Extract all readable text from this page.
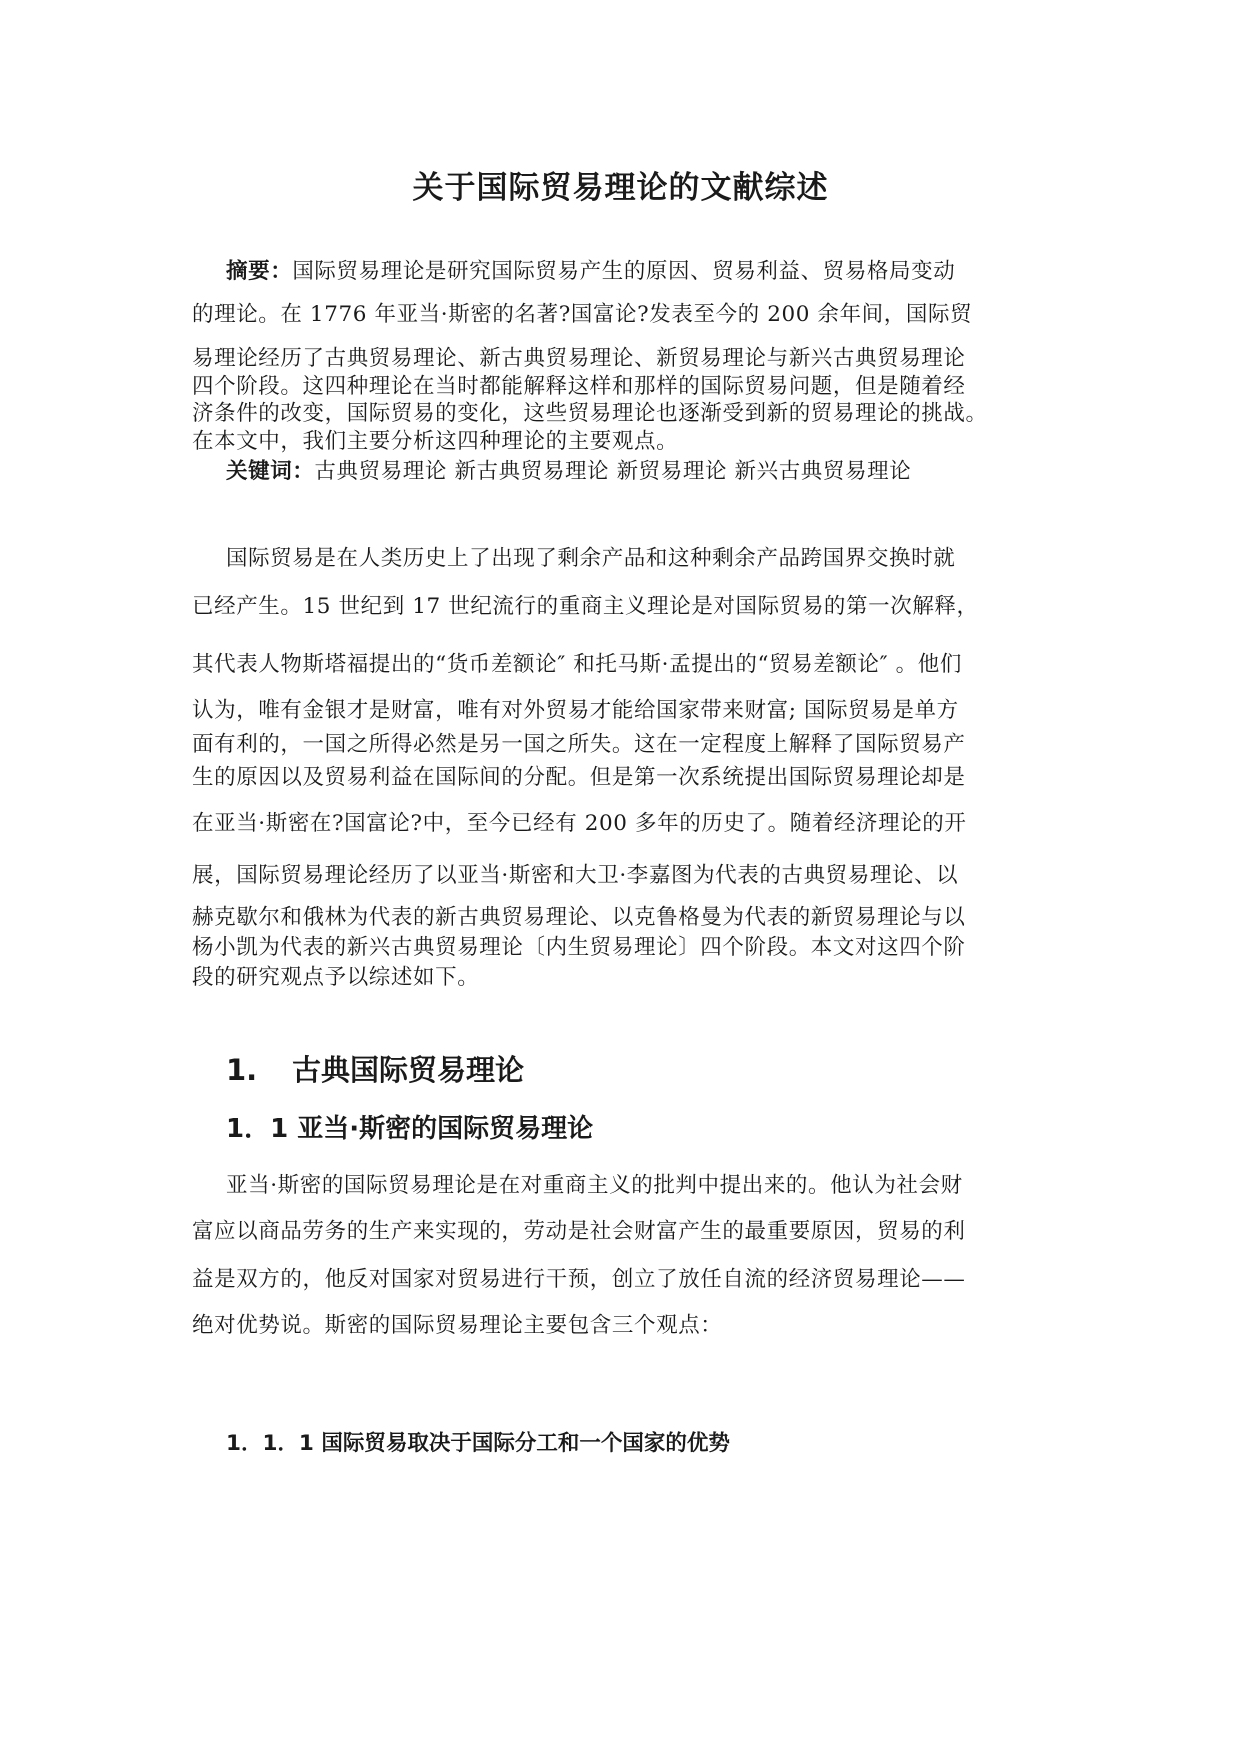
关于国际贸易理论的文献综述
摘要：国际贸易理论是研究国际贸易产生的原因、贸易利益、贸易格局变动
的理论。在 1776 年亚当·斯密的名著?国富论?发表至今的 200 余年间，国际贸
易理论经历了古典贸易理论、新古典贸易理论、新贸易理论与新兴古典贸易理论
四个阶段。这四种理论在当时都能解释这样和那样的国际贸易问题，但是随着经
济条件的改变，国际贸易的变化，这些贸易理论也逐渐受到新的贸易理论的挑战。
在本文中，我们主要分析这四种理论的主要观点。
关键词：古典贸易理论 新古典贸易理论 新贸易理论 新兴古典贸易理论
国际贸易是在人类历史上了出现了剩余产品和这种剩余产品跨国界交换时就
已经产生。15 世纪到 17 世纪流行的重商主义理论是对国际贸易的第一次解释，
其代表人物斯塔福提出的“货币差额论″ 和托马斯·孟提出的“贸易差额论″ 。他们
认为，唯有金银才是财富，唯有对外贸易才能给国家带来财富; 国际贸易是单方
面有利的，一国之所得必然是另一国之所失。这在一定程度上解释了国际贸易产
生的原因以及贸易利益在国际间的分配。但是第一次系统提出国际贸易理论却是
在亚当·斯密在?国富论?中，至今已经有 200 多年的历史了。随着经济理论的开
展，国际贸易理论经历了以亚当·斯密和大卫·李嘉图为代表的古典贸易理论、以
赫克歇尔和俄林为代表的新古典贸易理论、以克鲁格曼为代表的新贸易理论与以
杨小凯为代表的新兴古典贸易理论〔内生贸易理论〕四个阶段。本文对这四个阶
段的研究观点予以综述如下。
1. 古典国际贸易理论
1．1 亚当·斯密的国际贸易理论
亚当·斯密的国际贸易理论是在对重商主义的批判中提出来的。他认为社会财
富应以商品劳务的生产来实现的，劳动是社会财富产生的最重要原因，贸易的利
益是双方的，他反对国家对贸易进行干预，创立了放任自流的经济贸易理论——
绝对优势说。斯密的国际贸易理论主要包含三个观点：
1．1．1 国际贸易取决于国际分工和一个国家的优势
